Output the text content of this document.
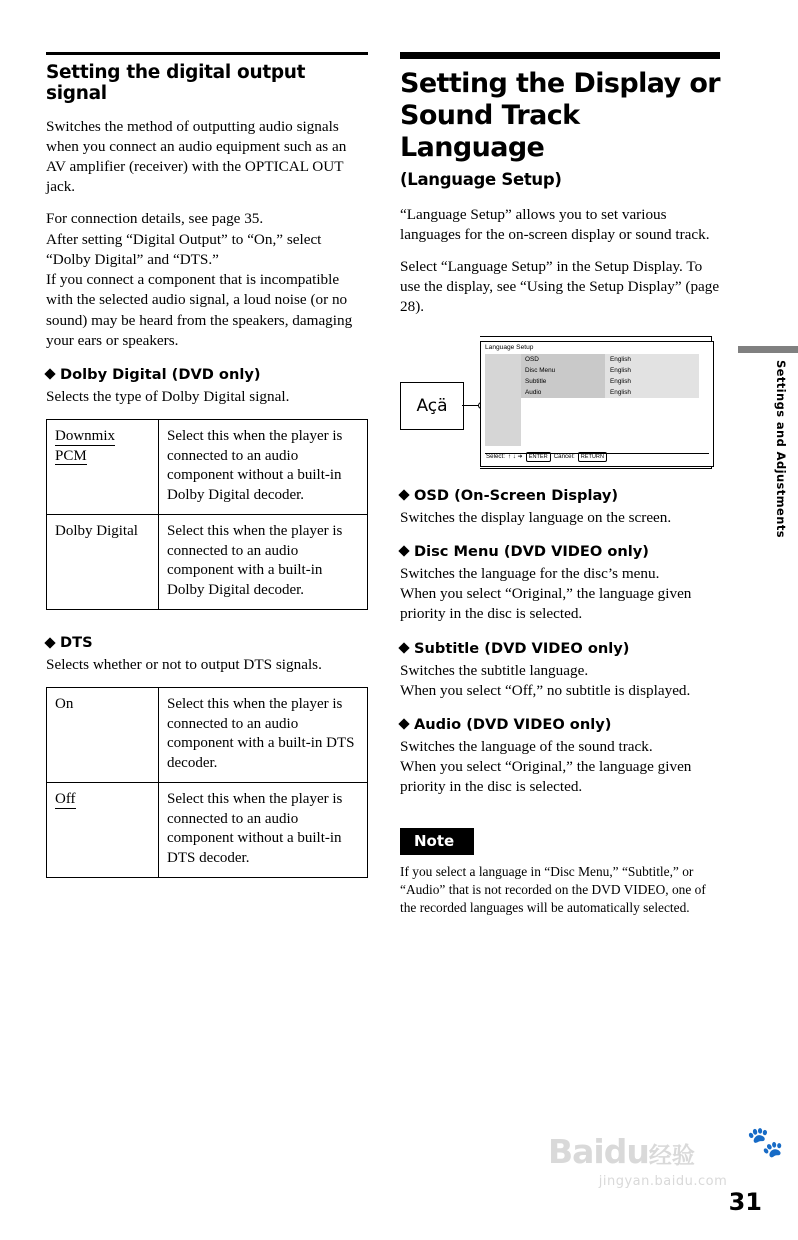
Setting the digital output signal

Switches the method of outputting audio signals when you connect an audio equipment such as an AV amplifier (receiver) with the OPTICAL OUT jack.

For connection details, see page 35.

After setting “Digital Output” to “On,” select “Dolby Digital” and “DTS.”

If you connect a component that is incompatible with the selected audio signal, a loud noise (or no sound) may be heard from the speakers, damaging your ears or speakers.

Dolby Digital (DVD only)

Selects the type of Dolby Digital signal.

Downmix
PCM	Select this when the player is connected to an audio component without a built-in Dolby Digital decoder.
Dolby Digital	Select this when the player is connected to an audio component with a built-in Dolby Digital decoder.
DTS

Selects whether or not to output DTS signals.

On	Select this when the player is connected to an audio component with a built-in DTS decoder.
Off	Select this when the player is connected to an audio component without a built-in DTS decoder.
Setting the Display or
Sound Track Language
(Language Setup)

“Language Setup” allows you to set various languages for the on-screen display or sound track.

Select “Language Setup” in the Setup Display. To use the display, see “Using the Setup Display” (page 28).

Açä
Language Setup
OSD	English
Disc Menu	English
Subtitle	English
Audio	English
Select: ↑ ↓ ➜	ENTER Cancel:	RETURN
OSD (On-Screen Display)

Switches the display language on the screen.

Disc Menu (DVD VIDEO only)

Switches the language for the disc’s menu.

When you select “Original,” the language given priority in the disc is selected.

Subtitle (DVD VIDEO only)

Switches the subtitle language.

When you select “Off,” no subtitle is displayed.

Audio (DVD VIDEO only)

Switches the language of the sound track.

When you select “Original,” the language given priority in the disc is selected.

Note

If you select a language in “Disc Menu,” “Subtitle,” or “Audio” that is not recorded on the DVD VIDEO, one of the recorded languages will be automatically selected.

Settings and Adjustments
31
🐾
Baidu经验
jingyan.baidu.com
